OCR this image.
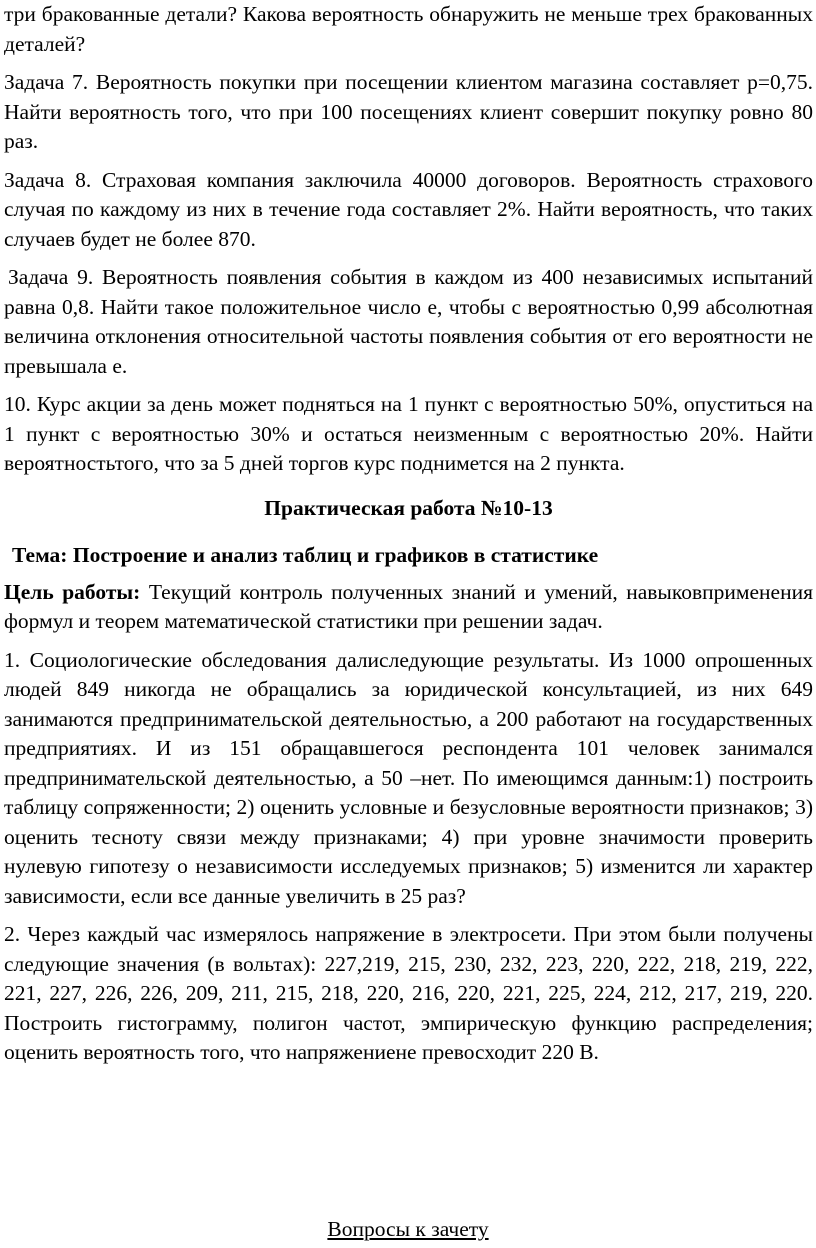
три бракованные детали? Какова вероятность обнаружить не меньше трех бракованных деталей?

Задача 7. Вероятность покупки при посещении клиентом магазина составляет p=0,75. Найти вероятность того, что при 100 посещениях клиент совершит покупку ровно 80 раз.

Задача 8. Страховая компания заключила 40000 договоров. Вероятность страхового случая по каждому из них в течение года составляет 2%. Найти вероятность, что таких случаев будет не более 870.

Задача 9. Вероятность появления события в каждом из 400 независимых испытаний равна 0,8. Найти такое положительное число е, чтобы с вероятностью 0,99 абсолютная величина отклонения относительной частоты появления события от его вероятности не превышала е.

10. Курс акции за день может подняться на 1 пункт с вероятностью 50%, опуститься на 1 пункт с вероятностью 30% и остаться неизменным с вероятностью 20%. Найти вероятностьтого, что за 5 дней торгов курс поднимется на 2 пункта.

Практическая работа №10-13

Тема: Построение и анализ таблиц и графиков в статистике

Цель работы: Текущий контроль полученных знаний и умений, навыковприменения формул и теорем математической статистики при решении задач.

1. Социологические обследования далиследующие результаты. Из 1000 опрошенных людей 849 никогда не обращались за юридической консультацией, из них 649 занимаются предпринимательской деятельностью, а 200 работают на государственных предприятиях. И из 151 обращавшегося респондента 101 человек занимался предпринимательской деятельностью, а 50 –нет. По имеющимся данным:1) построить таблицу сопряженности; 2) оценить условные и безусловные вероятности признаков; 3) оценить тесноту связи между признаками; 4) при уровне значимости проверить нулевую гипотезу о независимости исследуемых признаков; 5) изменится ли характер зависимости, если все данные увеличить в 25 раз?

2. Через каждый час измерялось напряжение в электросети. При этом были получены следующие значения (в вольтах): 227,219, 215, 230, 232, 223, 220, 222, 218, 219, 222, 221, 227, 226, 226, 209, 211, 215, 218, 220, 216, 220, 221, 225, 224, 212, 217, 219, 220. Построить гистограмму, полигон частот, эмпирическую функцию распределения; оценить вероятность того, что напряжениене превосходит 220 В.

Вопросы к зачету
